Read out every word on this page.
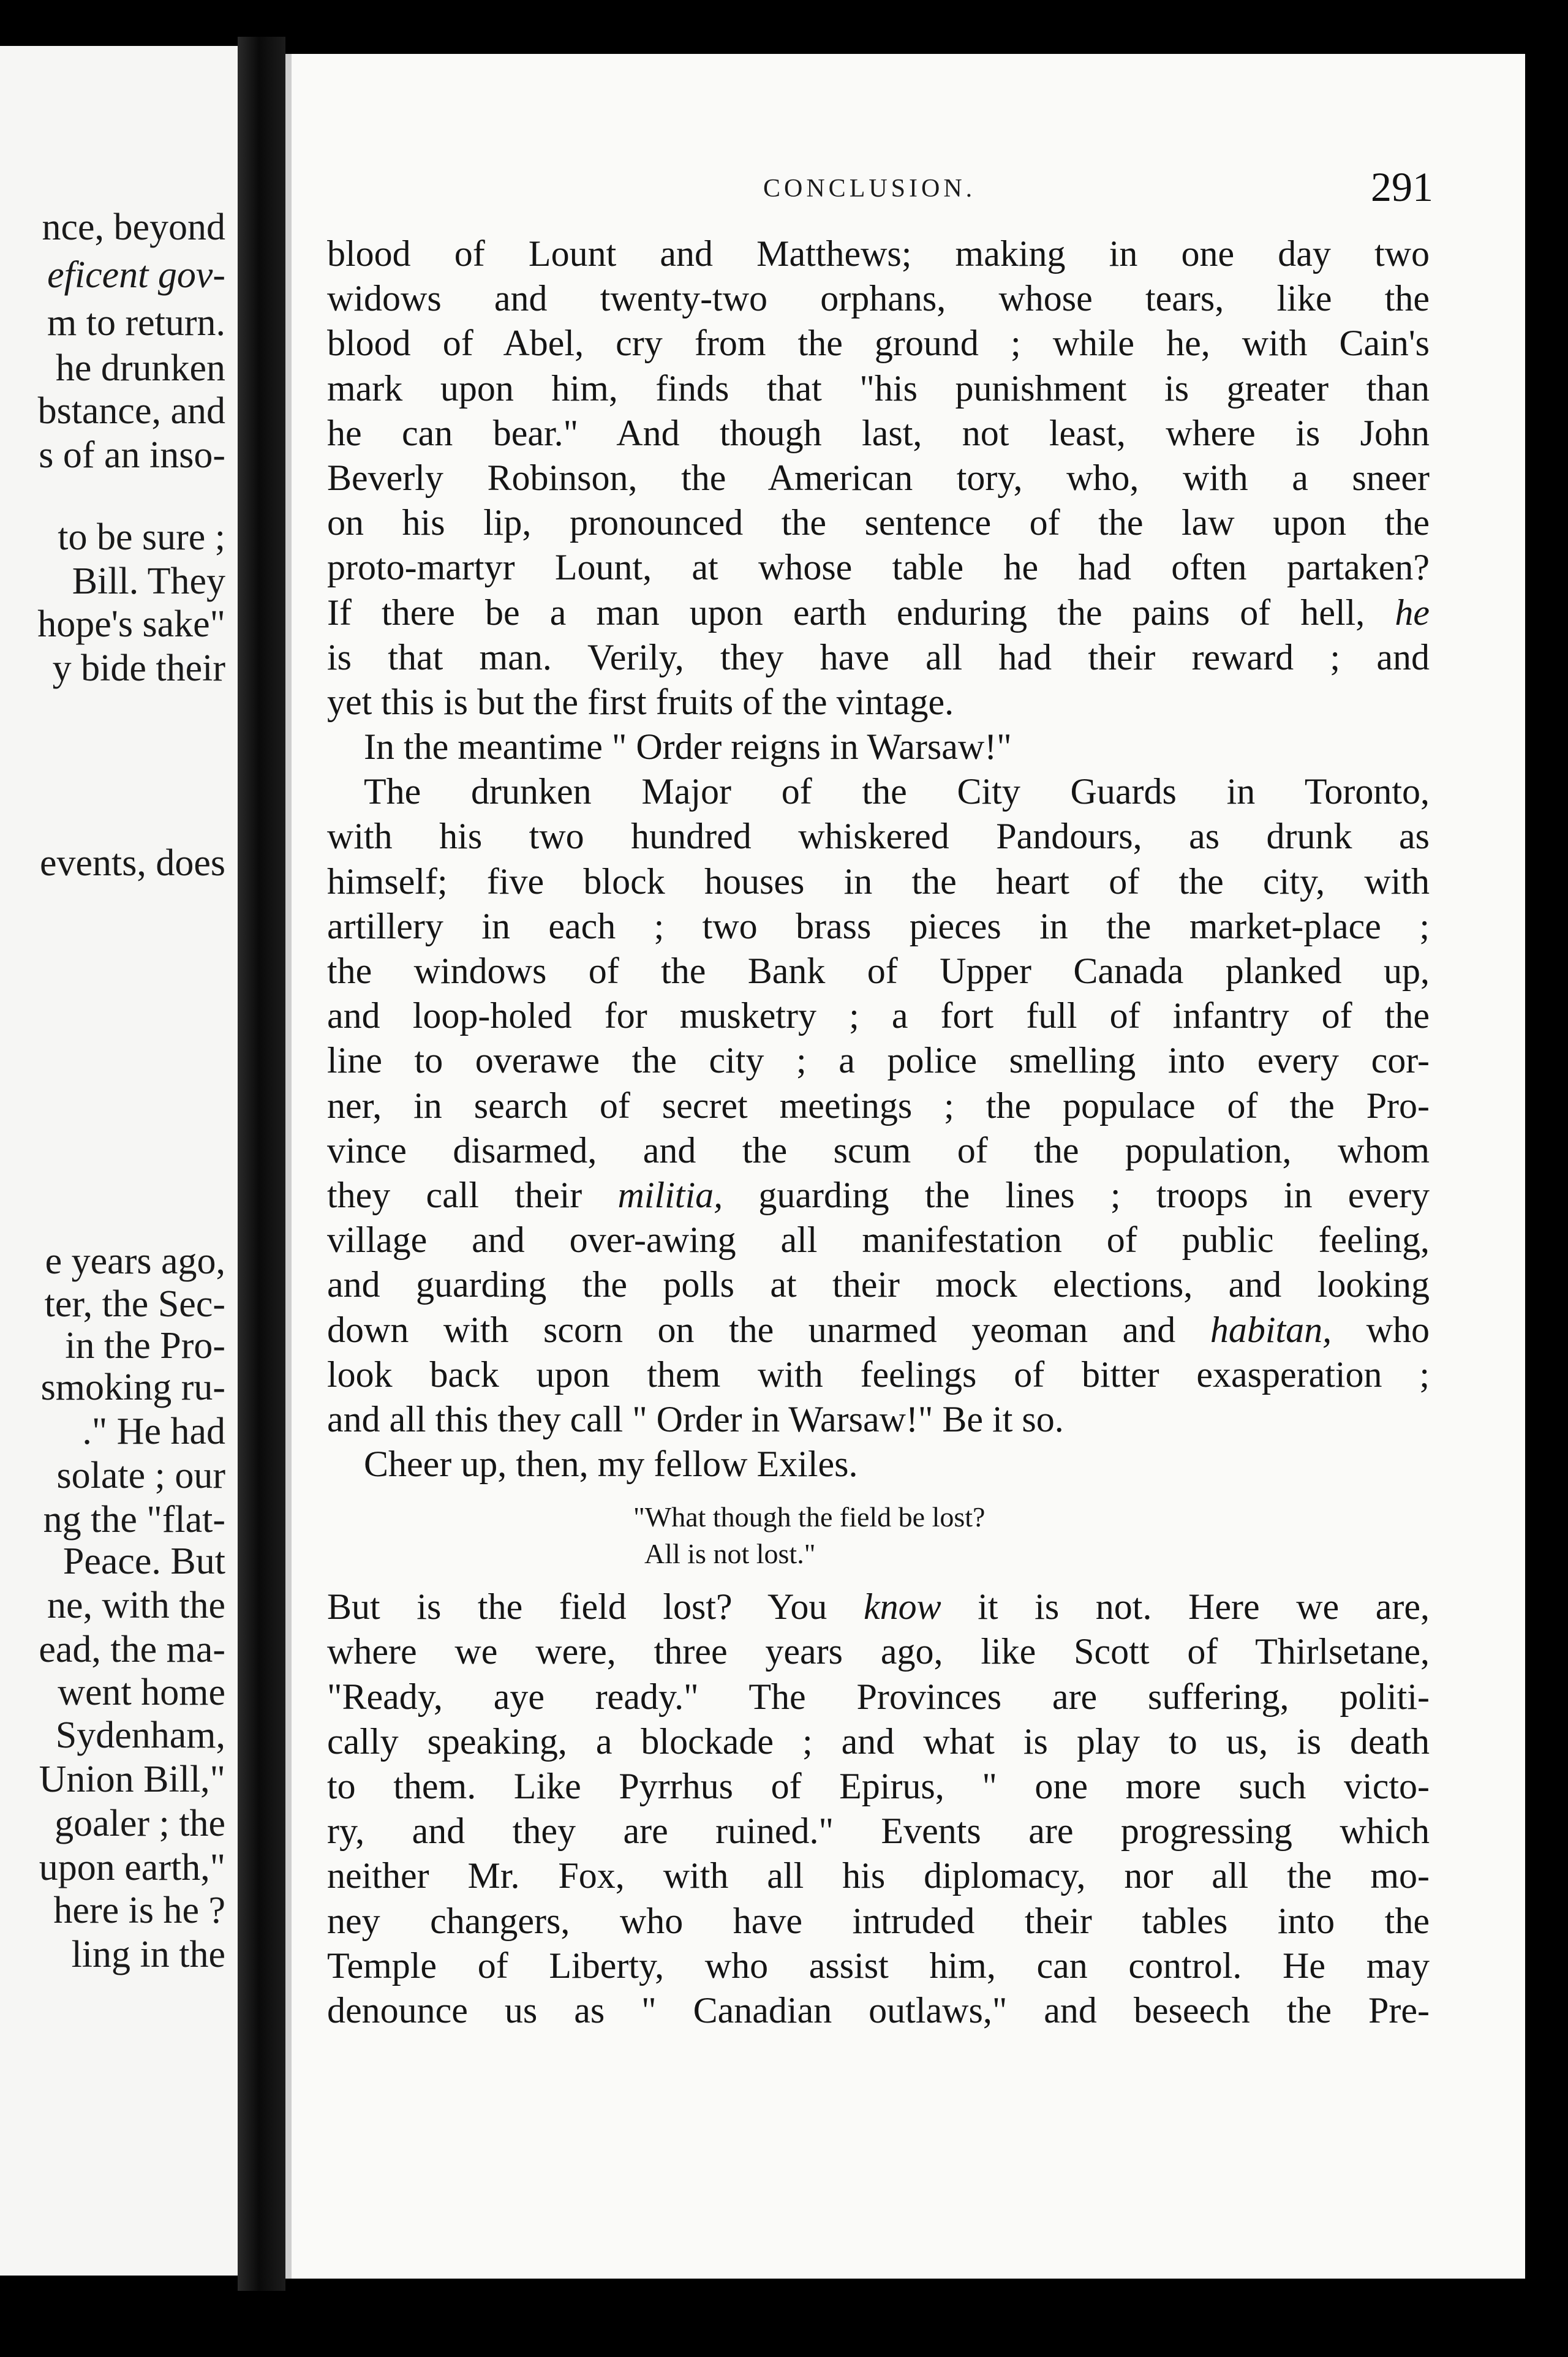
nce, beyond
eficent gov-
m to return.
he drunken
bstance, and
s of an inso-
to be sure ;
Bill. They
hope's sake"
y bide their
events, does
e years ago,
ter, the Sec-
in the Pro-
smoking ru-
." He had
solate ; our
ng the "flat-
Peace. But
ne, with the
ead, the ma-
went home
Sydenham,
Union Bill,"
goaler ; the
upon earth,"
here is he ?
ling in the
CONCLUSION.	291
blood of Lount and Matthews; making in one day two
widows and twenty-two orphans, whose tears, like the
blood of Abel, cry from the ground ; while he, with Cain's
mark upon him, finds that "his punishment is greater than
he can bear." And though last, not least, where is John
Beverly Robinson, the American tory, who, with a sneer
on his lip, pronounced the sentence of the law upon the
proto-martyr Lount, at whose table he had often partaken?
If there be a man upon earth enduring the pains of hell, he
is that man. Verily, they have all had their reward ; and
yet this is but the first fruits of the vintage.
In the meantime " Order reigns in Warsaw!"
The drunken Major of the City Guards in Toronto,
with his two hundred whiskered Pandours, as drunk as
himself; five block houses in the heart of the city, with
artillery in each ; two brass pieces in the market-place ;
the windows of the Bank of Upper Canada planked up,
and loop-holed for musketry ; a fort full of infantry of the
line to overawe the city ; a police smelling into every cor-
ner, in search of secret meetings ; the populace of the Pro-
vince disarmed, and the scum of the population, whom
they call their militia, guarding the lines ; troops in every
village and over-awing all manifestation of public feeling,
and guarding the polls at their mock elections, and looking
down with scorn on the unarmed yeoman and habitan, who
look back upon them with feelings of bitter exasperation ;
and all this they call " Order in Warsaw!" Be it so.
Cheer up, then, my fellow Exiles.
"What though the field be lost?
All is not lost."
But is the field lost? You know it is not. Here we are,
where we were, three years ago, like Scott of Thirlsetane,
"Ready, aye ready." The Provinces are suffering, politi-
cally speaking, a blockade ; and what is play to us, is death
to them. Like Pyrrhus of Epirus, " one more such victo-
ry, and they are ruined." Events are progressing which
neither Mr. Fox, with all his diplomacy, nor all the mo-
ney changers, who have intruded their tables into the
Temple of Liberty, who assist him, can control. He may
denounce us as " Canadian outlaws," and beseech the Pre-
